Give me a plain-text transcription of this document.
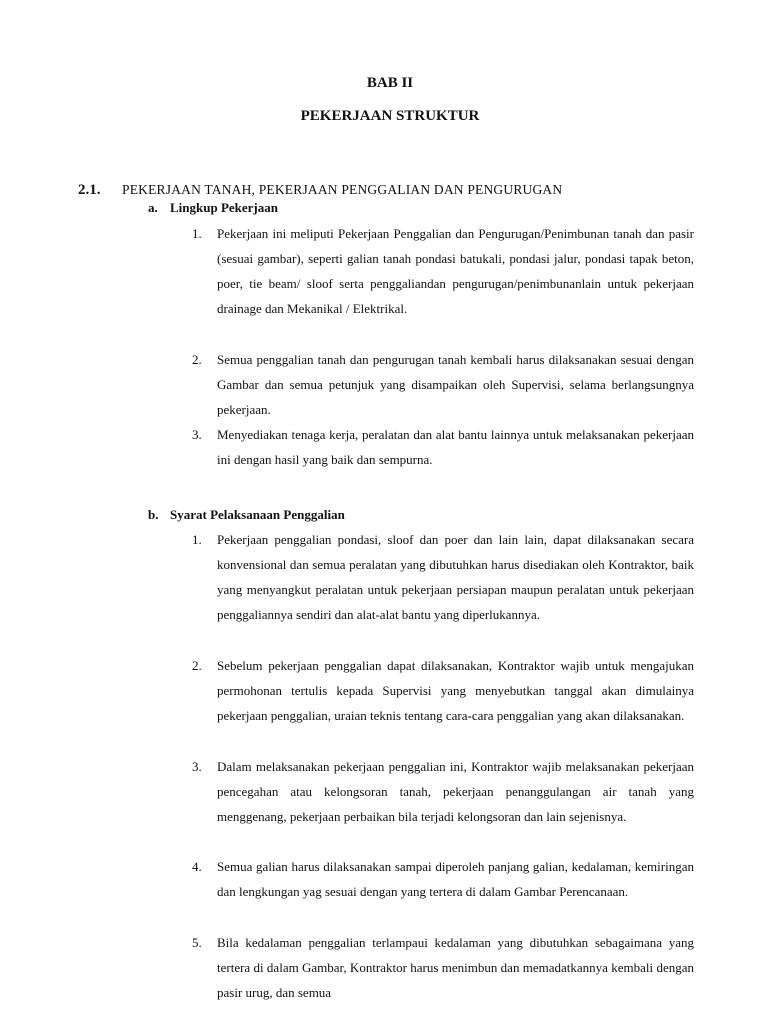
BAB II
PEKERJAAN STRUKTUR
2.1. PEKERJAAN TANAH, PEKERJAAN PENGGALIAN DAN PENGURUGAN
a. Lingkup Pekerjaan
1. Pekerjaan ini meliputi Pekerjaan Penggalian dan Pengurugan/Penimbunan tanah dan pasir (sesuai gambar), seperti galian tanah pondasi batukali, pondasi jalur, pondasi tapak beton, poer, tie beam/ sloof serta penggaliandan pengurugan/penimbunanlain untuk pekerjaan drainage dan Mekanikal / Elektrikal.
2. Semua penggalian tanah dan pengurugan tanah kembali harus dilaksanakan sesuai dengan Gambar dan semua petunjuk yang disampaikan oleh Supervisi, selama berlangsungnya pekerjaan.
3. Menyediakan tenaga kerja, peralatan dan alat bantu lainnya untuk melaksanakan pekerjaan ini dengan hasil yang baik dan sempurna.
b. Syarat Pelaksanaan Penggalian
1. Pekerjaan penggalian pondasi, sloof dan poer dan lain lain, dapat dilaksanakan secara konvensional dan semua peralatan yang dibutuhkan harus disediakan oleh Kontraktor, baik yang menyangkut peralatan untuk pekerjaan persiapan maupun peralatan untuk pekerjaan penggaliannya sendiri dan alat-alat bantu yang diperlukannya.
2. Sebelum pekerjaan penggalian dapat dilaksanakan, Kontraktor wajib untuk mengajukan permohonan tertulis kepada Supervisi yang menyebutkan tanggal akan dimulainya pekerjaan penggalian, uraian teknis tentang cara-cara penggalian yang akan dilaksanakan.
3. Dalam melaksanakan pekerjaan penggalian ini, Kontraktor wajib melaksanakan pekerjaan pencegahan atau kelongsoran tanah, pekerjaan penanggulangan air tanah yang menggenang, pekerjaan perbaikan bila terjadi kelongsoran dan lain sejenisnya.
4. Semua galian harus dilaksanakan sampai diperoleh panjang galian, kedalaman, kemiringan dan lengkungan yag sesuai dengan yang tertera di dalam Gambar Perencanaan.
5. Bila kedalaman penggalian terlampaui kedalaman yang dibutuhkan sebagaimana yang tertera di dalam Gambar, Kontraktor harus menimbun dan memadatkannya kembali dengan pasir urug, dan semua
